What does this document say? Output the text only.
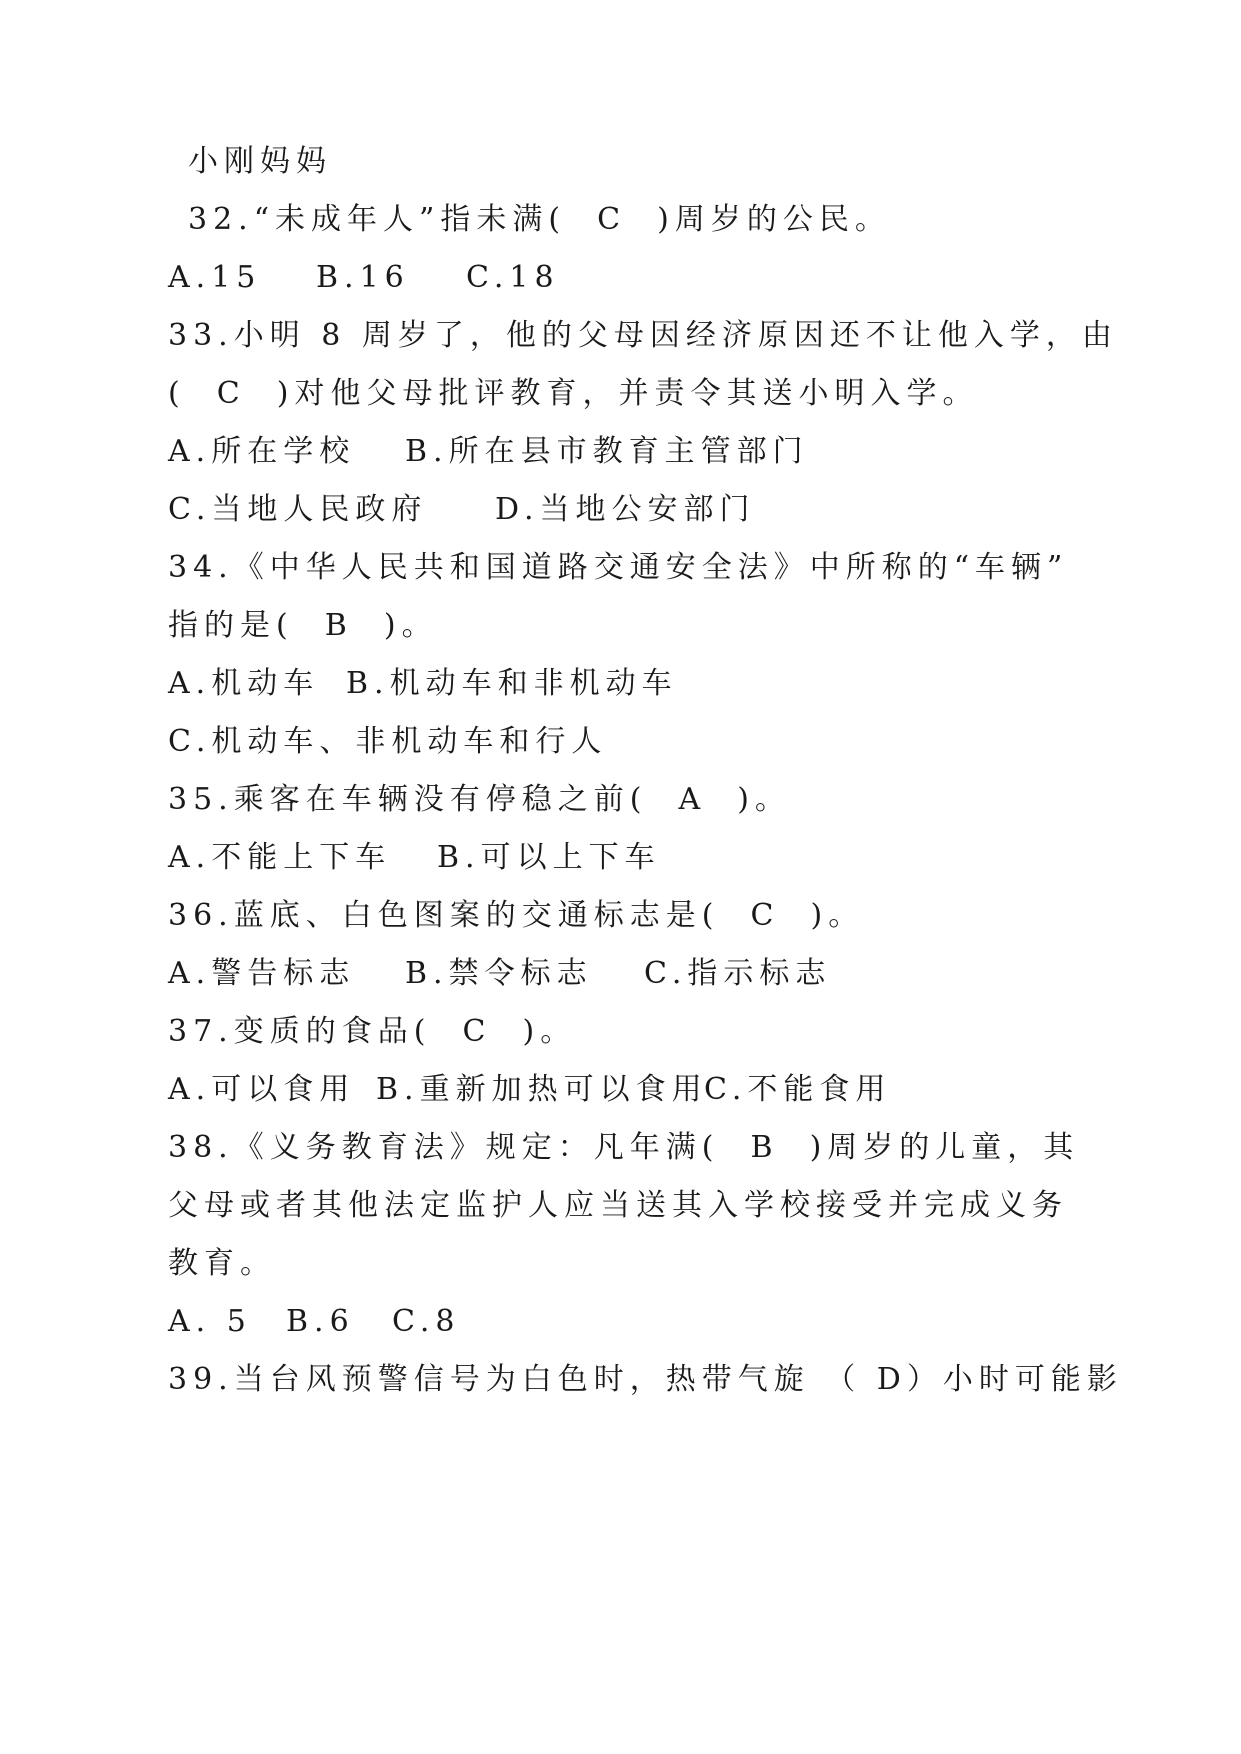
小刚妈妈
32.“未成年人”指未满(  C  )周岁的公民。
A.15 B.16 C.18
33.小明 8 周岁了，他的父母因经济原因还不让他入学，由
(  C  )对他父母批评教育，并责令其送小明入学。
A.所在学校 B.所在县市教育主管部门
C.当地人民政府 D.当地公安部门
34.《中华人民共和国道路交通安全法》中所称的“车辆”
指的是(  B  )。
A.机动车 B.机动车和非机动车
C.机动车、非机动车和行人
35.乘客在车辆没有停稳之前(  A  )。
A.不能上下车 B.可以上下车
36.蓝底、白色图案的交通标志是(  C  )。
A.警告标志 B.禁令标志 C.指示标志
37.变质的食品(  C  )。
A.可以食用 B.重新加热可以食用
C.不能食用
38.《义务教育法》规定：凡年满(  B  )周岁的儿童，其
父母或者其他法定监护人应当送其入学校接受并完成义务
教育。
A. 5 B.6 C.8
39.当台风预警信号为白色时，热带气旋 （ D）小时可能影
